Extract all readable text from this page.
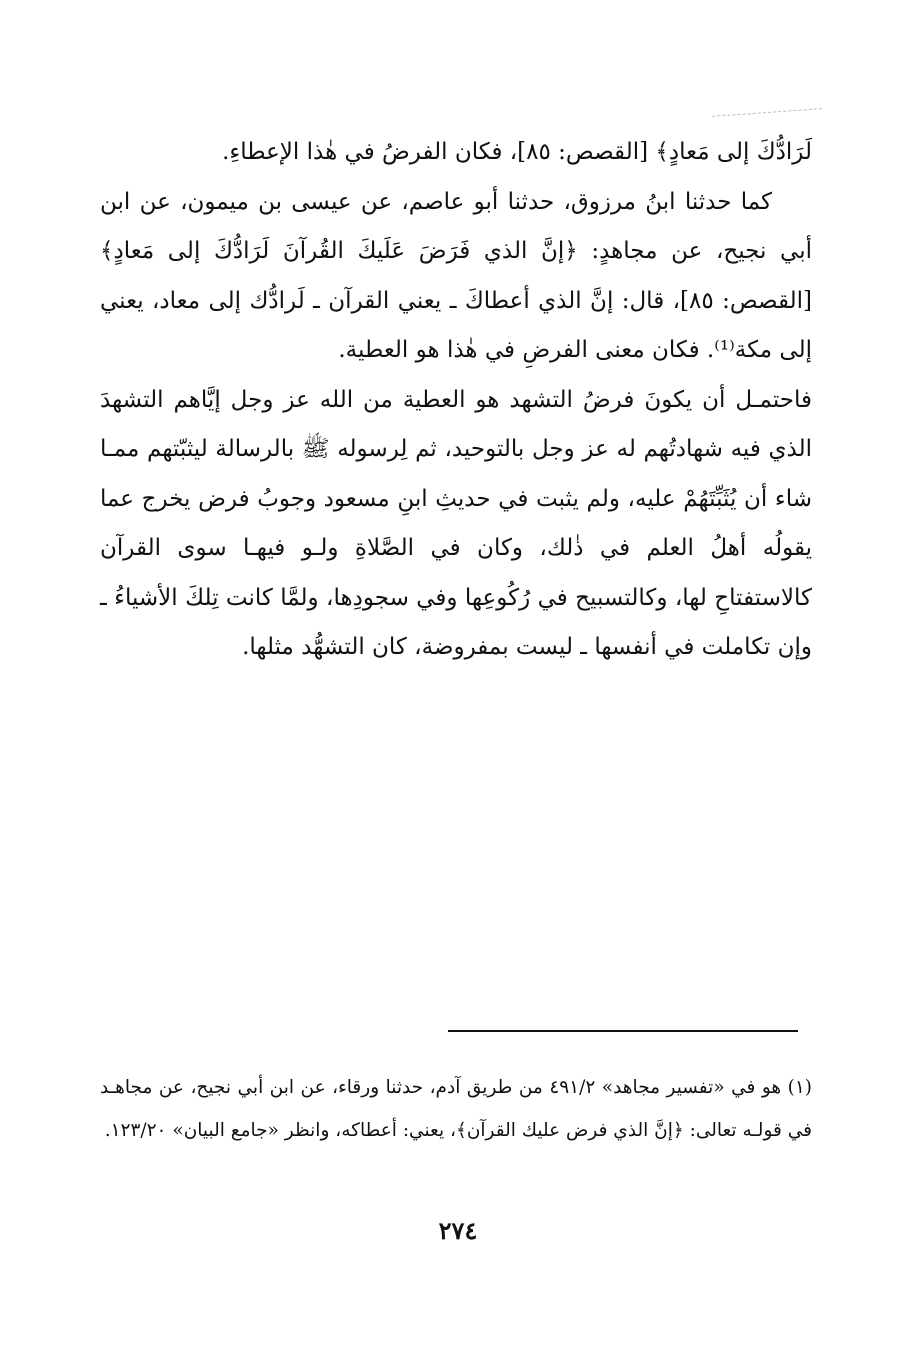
لَرَادُّكَ إلى مَعادٍ﴾ [القصص: ٨٥]، فكان الفرضُ في هٰذا الإعطاءِ.

كما حدثنا ابنُ مرزوق، حدثنا أبو عاصم، عن عيسى بن ميمون، عن ابن أبي نجيح، عن مجاهدٍ: ﴿إنَّ الذي فَرَضَ عَلَيكَ القُرآنَ لَرَادُّكَ إلى مَعادٍ﴾ [القصص: ٨٥]، قال: إنَّ الذي أعطاكَ ـ يعني القرآن ـ لَرادُّك إلى معاد، يعني إلى مكة⁽¹⁾. فكان معنى الفرضِ في هٰذا هو العطية.

فاحتمـل أن يكونَ فرضُ التشهد هو العطية من الله عز وجل إيَّاهم التشهدَ الذي فيه شهادتُهم له عز وجل بالتوحيد، ثم لِرسوله ﷺ بالرسالة ليثبّتهم ممـا شاء أن يُثَبِّتَهُمْ عليه، ولم يثبت في حديثِ ابنِ مسعود وجوبُ فرض يخرج عما يقولُه أهلُ العلم في ذٰلك، وكان في الصَّلاةِ ولـو فيهـا سوى القرآن كالاستفتاحِ لها، وكالتسبيح في رُكُوعِها وفي سجودِها، ولمَّا كانت تِلكَ الأشياءُ ـ وإن تكاملت في أنفسها ـ ليست بمفروضة، كان التشهُّد مثلها.

(١) هو في «تفسير مجاهد» ٤٩١/٢ من طريق آدم، حدثنا ورقاء، عن ابن أبي نجيح، عن مجاهـد في قولـه تعالى: ﴿إنَّ الذي فرض عليك القرآن﴾، يعني: أعطاكه، وانظر «جامع البيان» ١٢٣/٢٠.

٢٧٤
